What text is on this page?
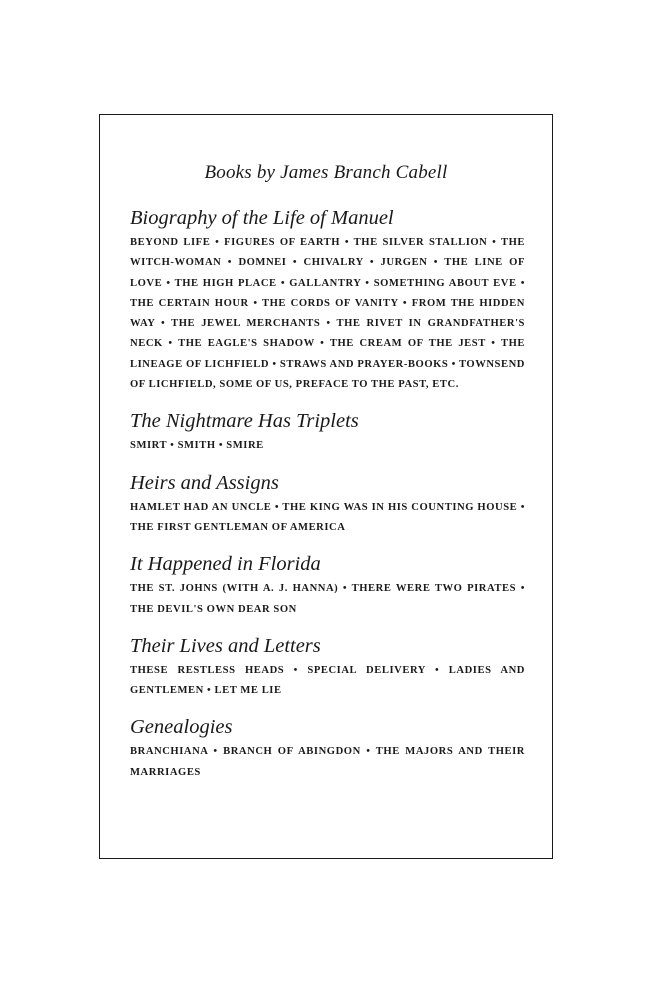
Books by James Branch Cabell

Biography of the Life of Manuel

BEYOND LIFE • FIGURES OF EARTH • THE SILVER STALLION • THE WITCH-WOMAN • DOMNEI • CHIVALRY • JURGEN • THE LINE OF LOVE • THE HIGH PLACE • GALLANTRY • SOMETHING ABOUT EVE • THE CERTAIN HOUR • THE CORDS OF VANITY • FROM THE HIDDEN WAY • THE JEWEL MERCHANTS • THE RIVET IN GRANDFATHER'S NECK • THE EAGLE'S SHADOW • THE CREAM OF THE JEST • THE LINEAGE OF LICHFIELD • STRAWS AND PRAYER-BOOKS • TOWNSEND OF LICHFIELD, SOME OF US, PREFACE TO THE PAST, ETC.

The Nightmare Has Triplets

SMIRT • SMITH • SMIRE

Heirs and Assigns

HAMLET HAD AN UNCLE • THE KING WAS IN HIS COUNTING HOUSE • THE FIRST GENTLEMAN OF AMERICA

It Happened in Florida

THE ST. JOHNS (WITH A. J. HANNA) • THERE WERE TWO PIRATES • THE DEVIL'S OWN DEAR SON

Their Lives and Letters

THESE RESTLESS HEADS • SPECIAL DELIVERY • LADIES AND GENTLEMEN • LET ME LIE

Genealogies

BRANCHIANA • BRANCH OF ABINGDON • THE MAJORS AND THEIR MARRIAGES
